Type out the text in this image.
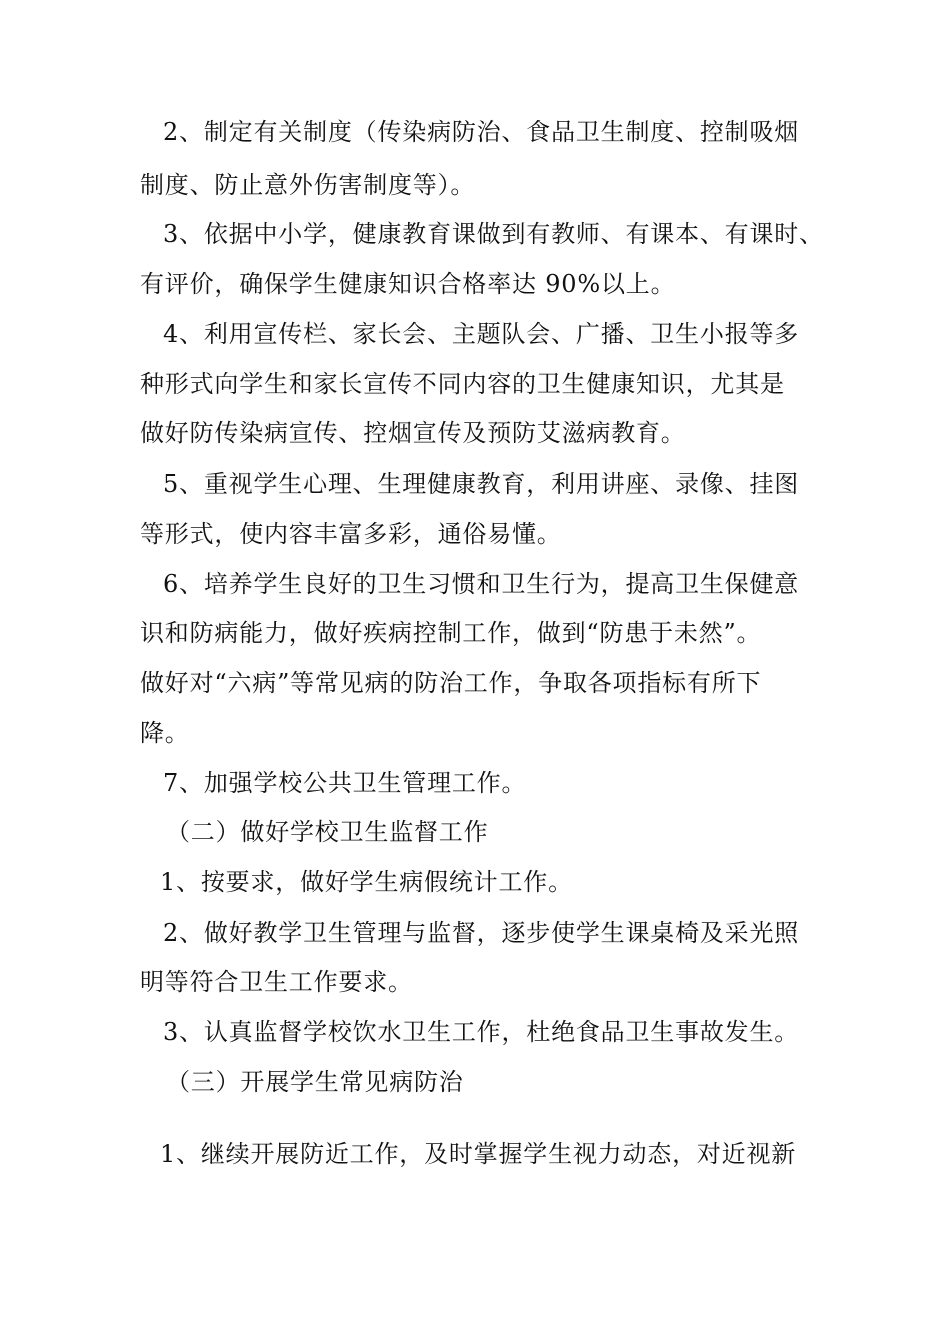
2、制定有关制度（传染病防治、食品卫生制度、控制吸烟
制度、防止意外伤害制度等）。
3、依据中小学，健康教育课做到有教师、有课本、有课时、
有评价，确保学生健康知识合格率达 90%以上。
4、利用宣传栏、家长会、主题队会、广播、卫生小报等多
种形式向学生和家长宣传不同内容的卫生健康知识，尤其是
做好防传染病宣传、控烟宣传及预防艾滋病教育。
5、重视学生心理、生理健康教育，利用讲座、录像、挂图
等形式，使内容丰富多彩，通俗易懂。
6、培养学生良好的卫生习惯和卫生行为，提高卫生保健意
识和防病能力，做好疾病控制工作，做到“防患于未然”。
做好对“六病”等常见病的防治工作，争取各项指标有所下
降。
7、加强学校公共卫生管理工作。
（二）做好学校卫生监督工作
1、按要求，做好学生病假统计工作。
2、做好教学卫生管理与监督，逐步使学生课桌椅及采光照
明等符合卫生工作要求。
3、认真监督学校饮水卫生工作，杜绝食品卫生事故发生。
（三）开展学生常见病防治
1、继续开展防近工作，及时掌握学生视力动态，对近视新
